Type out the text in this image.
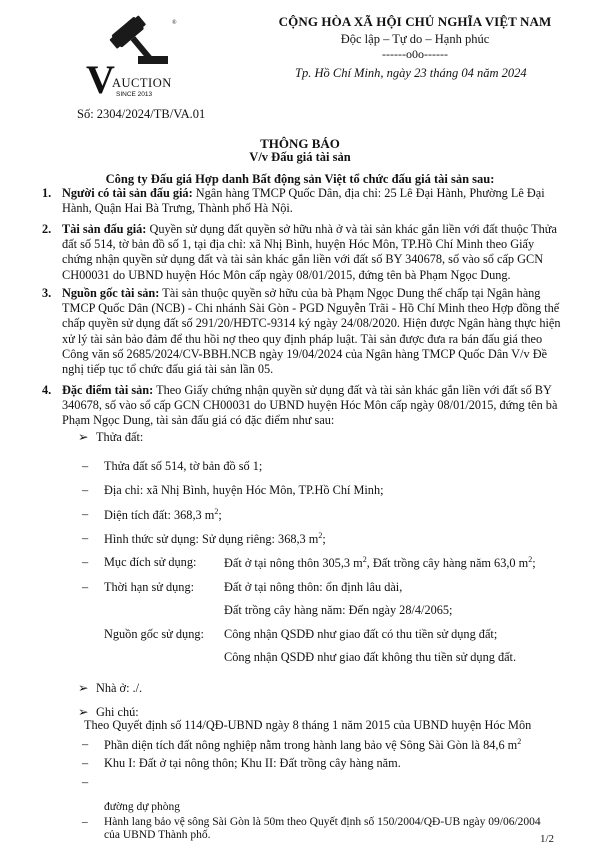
®
V
AUCTION
SINCE 2013
Số: 2304/2024/TB/VA.01
CỘNG HÒA XÃ HỘI CHỦ NGHĨA VIỆT NAM
Độc lập – Tự do – Hạnh phúc
------o0o------
Tp. Hồ Chí Minh, ngày 23 tháng 04 năm 2024
THÔNG BÁO
V/v Đấu giá tài sản
Công ty Đấu giá Hợp danh Bất động sản Việt tổ chức đấu giá tài sản sau:
1. Người có tài sản đấu giá: Ngân hàng TMCP Quốc Dân, địa chỉ: 25 Lê Đại Hành, Phường Lê Đại
Hành, Quận Hai Bà Trưng, Thành phố Hà Nội.
2. Tài sản đấu giá: Quyền sử dụng đất quyền sở hữu nhà ở và tài sản khác gắn liền với đất thuộc Thửa
đất số 514, tờ bản đồ số 1, tại địa chỉ: xã Nhị Bình, huyện Hóc Môn, TP.Hồ Chí Minh theo Giấy
chứng nhận quyền sử dụng đất và tài sản khác gắn liền với đất số BY 340678, số vào sổ cấp GCN
CH00031 do UBND huyện Hóc Môn cấp ngày 08/01/2015, đứng tên bà Phạm Ngọc Dung.
3. Nguồn gốc tài sản: Tài sản thuộc quyền sở hữu của bà Phạm Ngọc Dung thế chấp tại Ngân hàng
TMCP Quốc Dân (NCB) - Chi nhánh Sài Gòn - PGD Nguyễn Trãi - Hồ Chí Minh theo Hợp đồng thế
chấp quyền sử dụng đất số 291/20/HĐTC-9314 ký ngày 24/08/2020. Hiện được Ngân hàng thực hiện
xử lý tài sản bảo đảm để thu hồi nợ theo quy định pháp luật. Tài sản được đưa ra bán đấu giá theo
Công văn số 2685/2024/CV-BBH.NCB ngày 19/04/2024 của Ngân hàng TMCP Quốc Dân V/v Đề
nghị tiếp tục tổ chức đấu giá tài sản lần 05.
4. Đặc điểm tài sản: Theo Giấy chứng nhận quyền sử dụng đất và tài sản khác gắn liền với đất số BY
340678, số vào sổ cấp GCN CH00031 do UBND huyện Hóc Môn cấp ngày 08/01/2015, đứng tên bà
Phạm Ngọc Dung, tài sản đấu giá có đặc điểm như sau:
➢ Thửa đất:
– Thửa đất số 514, tờ bản đồ số 1;
– Địa chỉ: xã Nhị Bình, huyện Hóc Môn, TP.Hồ Chí Minh;
– Diện tích đất: 368,3 $m^2$;
– Hình thức sử dụng: Sử dụng riêng: 368,3 $m^2$;
– Mục đích sử dụng: Đất ở tại nông thôn 305,3 $m^2$, Đất trồng cây hàng năm 63,0 $m^2$;
– Thời hạn sử dụng: Đất ở tại nông thôn: ổn định lâu dài,
Đất trồng cây hàng năm: Đến ngày 28/4/2065;
–
Nguồn gốc sử dụng: Công nhận QSDĐ như giao đất có thu tiền sử dụng đất;
Công nhận QSDĐ như giao đất không thu tiền sử dụng đất.
➢ Nhà ở: ./.
➢ Ghi chú:
Theo Quyết định số 114/QĐ-UBND ngày 8 tháng 1 năm 2015 của UBND huyện Hóc Môn
–
Phần diện tích đất nông nghiệp nằm trong hành lang bảo vệ Sông Sài Gòn là 84,6 $m^2$
–
Khu I: Đất ở tại nông thôn; Khu II: Đất trồng cây hàng năm.
đường dự phòng
– Hành lang bảo vệ sông Sài Gòn là 50m theo Quyết định số 150/2004/QĐ-UB ngày 09/06/2004
của UBND Thành phố.	1/2
